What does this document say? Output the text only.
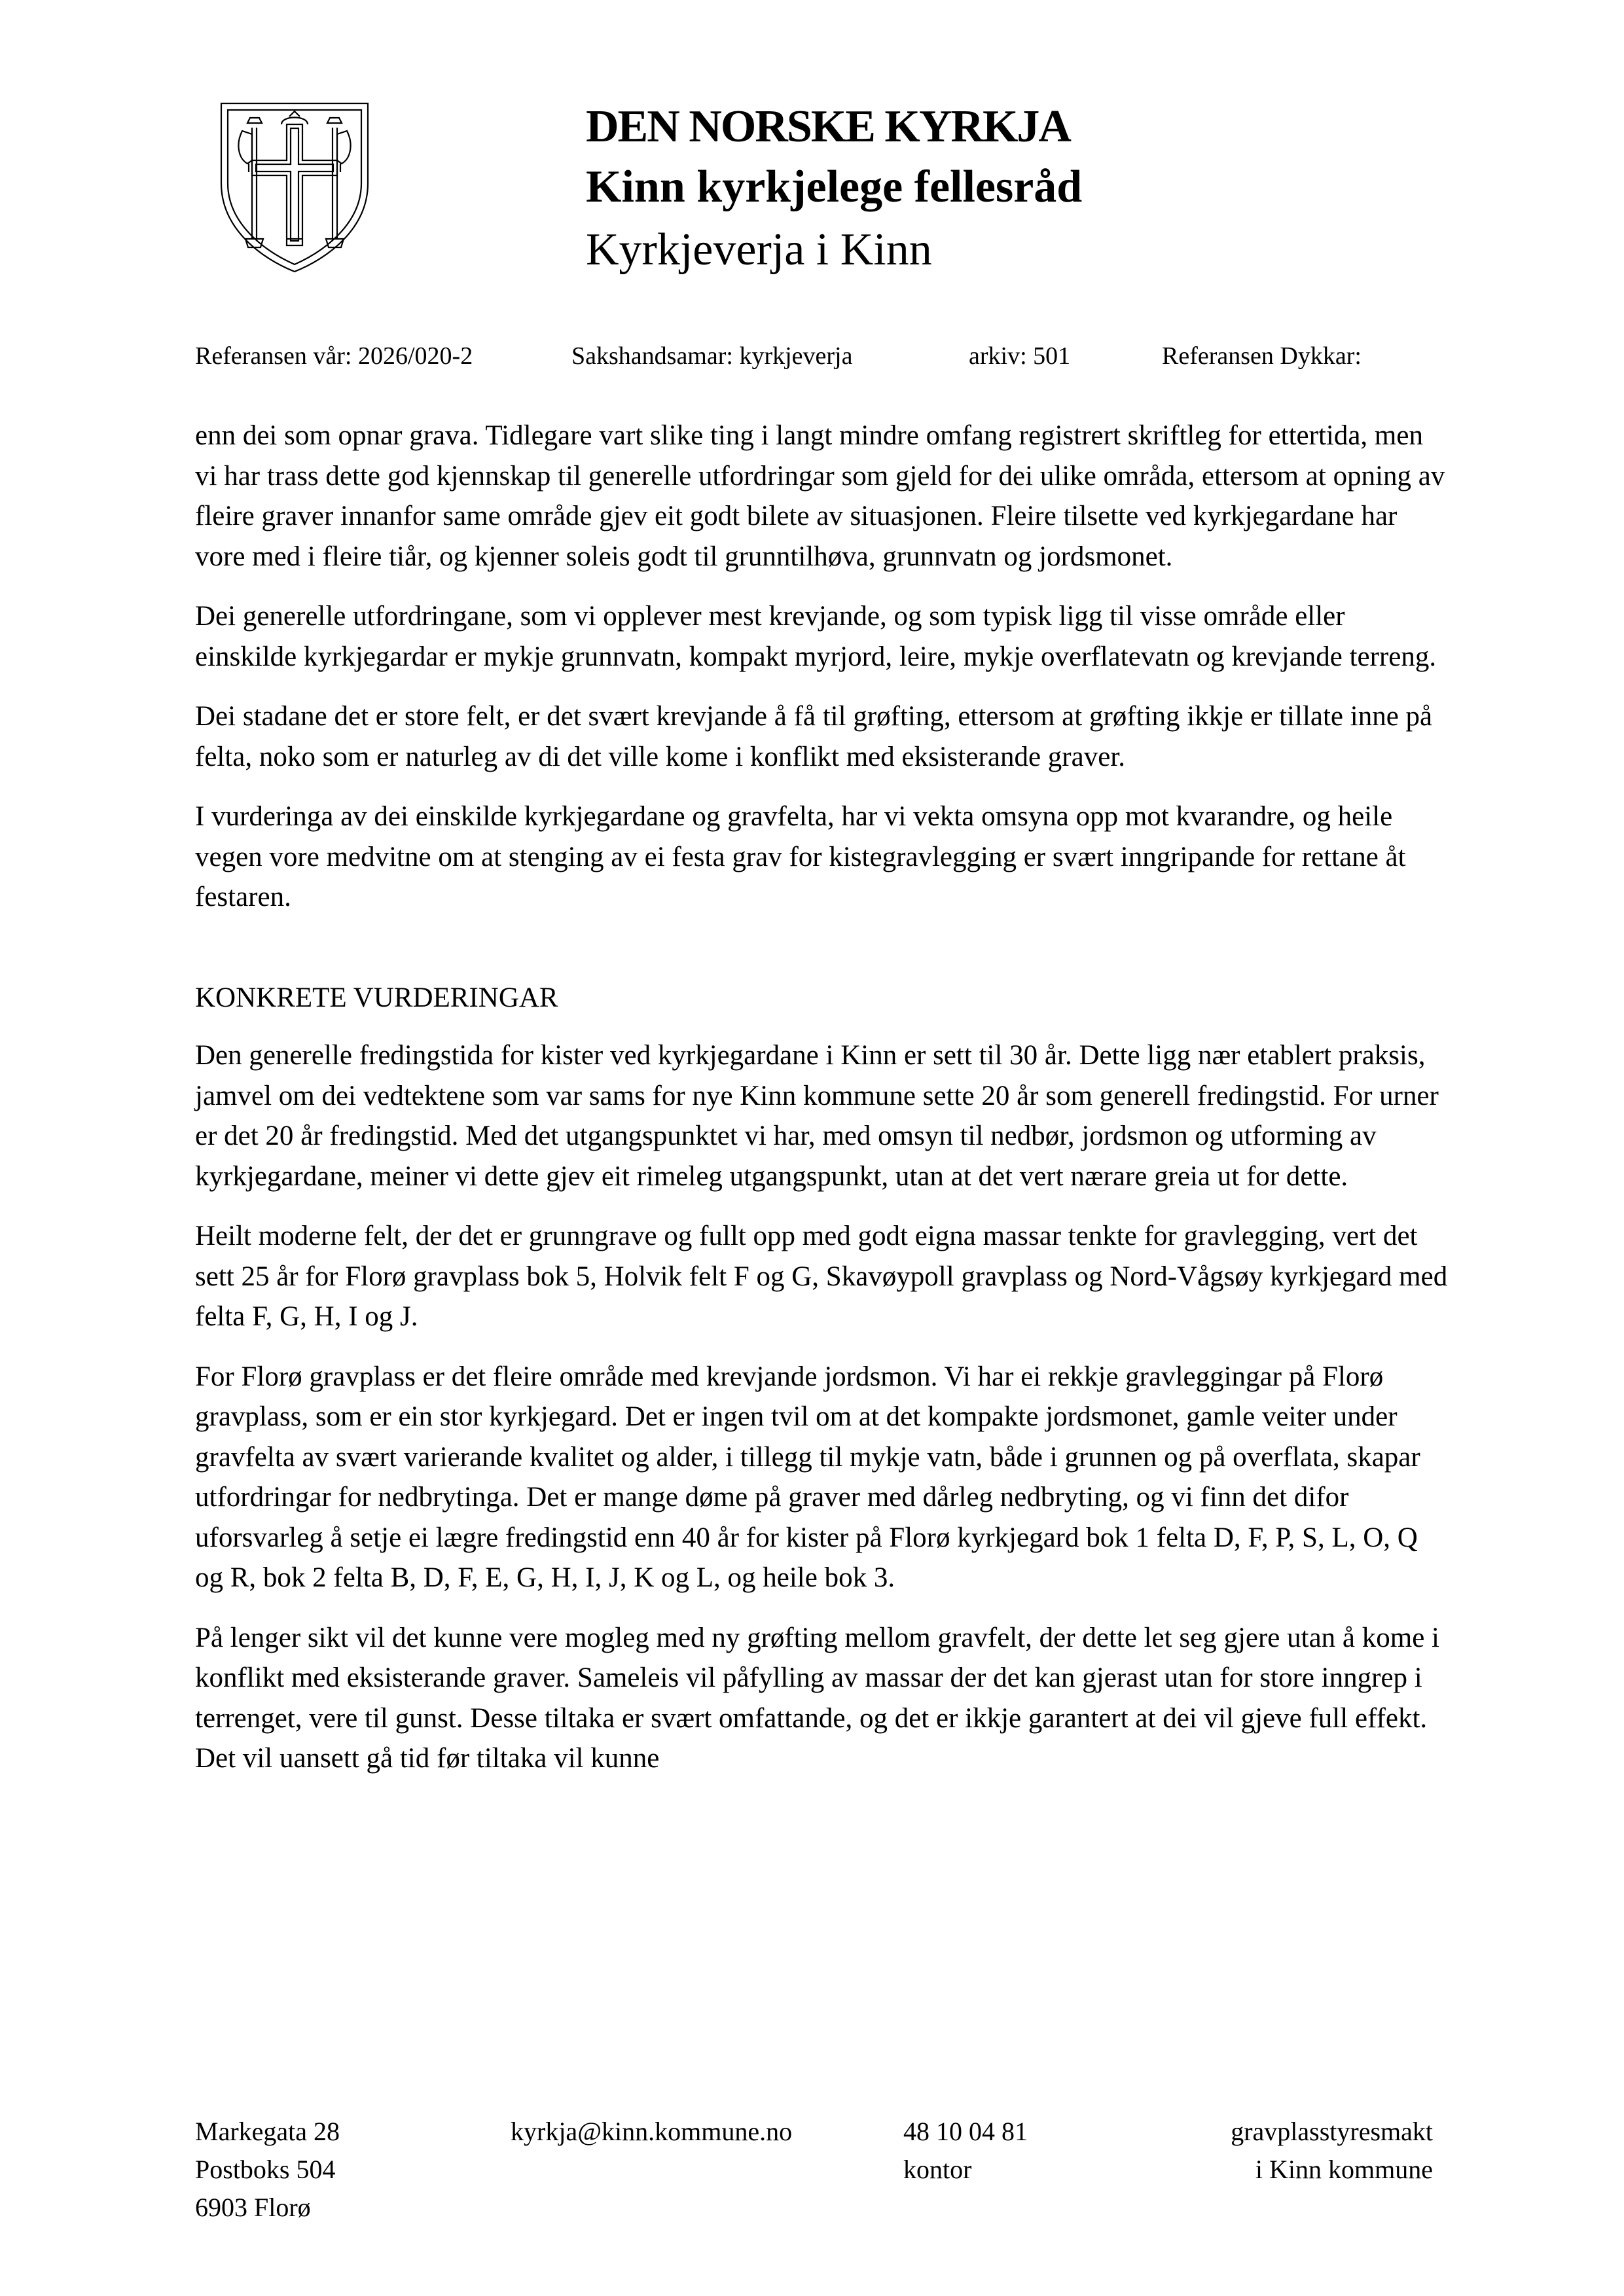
DEN NORSKE KYRKJA
Kinn kyrkjelege fellesråd
Kyrkjeverja i Kinn
Referansen vår: 2026/020-2	Sakshandsamar: kyrkjeverja	arkiv: 501	Referansen Dykkar:

enn dei som opnar grava. Tidlegare vart slike ting i langt mindre omfang registrert skriftleg for ettertida, men vi har trass dette god kjennskap til generelle utfordringar som gjeld for dei ulike områda, ettersom at opning av fleire graver innanfor same område gjev eit godt bilete av situasjonen. Fleire tilsette ved kyrkjegardane har vore med i fleire tiår, og kjenner soleis godt til grunntilhøva, grunnvatn og jordsmonet.

Dei generelle utfordringane, som vi opplever mest krevjande, og som typisk ligg til visse område eller einskilde kyrkjegardar er mykje grunnvatn, kompakt myrjord, leire, mykje overflatevatn og krevjande terreng.

Dei stadane det er store felt, er det svært krevjande å få til grøfting, ettersom at grøfting ikkje er tillate inne på felta, noko som er naturleg av di det ville kome i konflikt med eksisterande graver.

I vurderinga av dei einskilde kyrkjegardane og gravfelta, har vi vekta omsyna opp mot kvarandre, og heile vegen vore medvitne om at stenging av ei festa grav for kistegravlegging er svært inngripande for rettane åt festaren.

KONKRETE VURDERINGAR

Den generelle fredingstida for kister ved kyrkjegardane i Kinn er sett til 30 år. Dette ligg nær etablert praksis, jamvel om dei vedtektene som var sams for nye Kinn kommune sette 20 år som generell fredingstid. For urner er det 20 år fredingstid. Med det utgangspunktet vi har, med omsyn til nedbør, jordsmon og utforming av kyrkjegardane, meiner vi dette gjev eit rimeleg utgangspunkt, utan at det vert nærare greia ut for dette.

Heilt moderne felt, der det er grunngrave og fullt opp med godt eigna massar tenkte for gravlegging, vert det sett 25 år for Florø gravplass bok 5, Holvik felt F og G, Skavøypoll gravplass og Nord-Vågsøy kyrkjegard med felta F, G, H, I og J.

For Florø gravplass er det fleire område med krevjande jordsmon. Vi har ei rekkje gravleggingar på Florø gravplass, som er ein stor kyrkjegard. Det er ingen tvil om at det kompakte jordsmonet, gamle veiter under gravfelta av svært varierande kvalitet og alder, i tillegg til mykje vatn, både i grunnen og på overflata, skapar utfordringar for nedbrytinga. Det er mange døme på graver med dårleg nedbryting, og vi finn det difor uforsvarleg å setje ei lægre fredingstid enn 40 år for kister på Florø kyrkjegard bok 1 felta D, F, P, S, L, O, Q og R, bok 2 felta B, D, F, E, G, H, I, J, K og L, og heile bok 3.

På lenger sikt vil det kunne vere mogleg med ny grøfting mellom gravfelt, der dette let seg gjere utan å kome i konflikt med eksisterande graver. Sameleis vil påfylling av massar der det kan gjerast utan for store inngrep i terrenget, vere til gunst. Desse tiltaka er svært omfattande, og det er ikkje garantert at dei vil gjeve full effekt. Det vil uansett gå tid før tiltaka vil kunne

Markegata 28
Postboks 504
6903 Florø
kyrkja@kinn.kommune.no	48 10 04 81
kontor
gravplasstyresmakt
i Kinn kommune
